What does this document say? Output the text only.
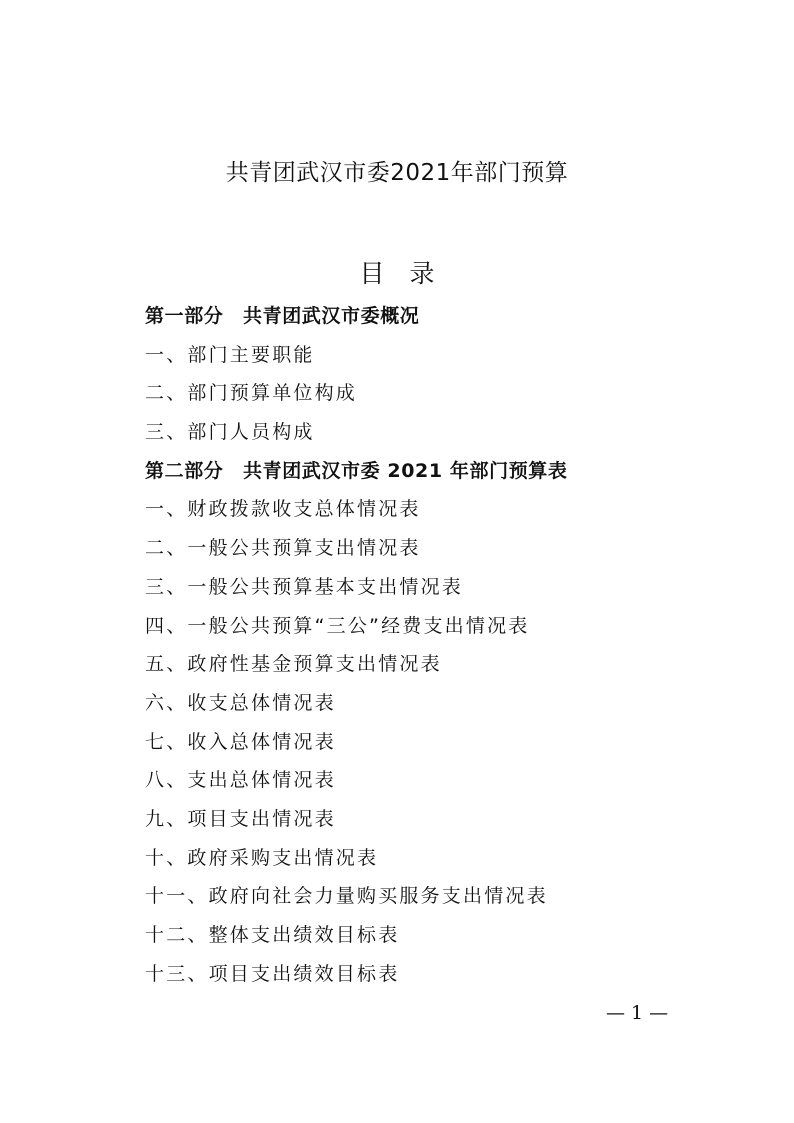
共青团武汉市委2021年部门预算
目　录
第一部分　共青团武汉市委概况
一、部门主要职能
二、部门预算单位构成
三、部门人员构成
第二部分　共青团武汉市委 2021 年部门预算表
一、财政拨款收支总体情况表
二、一般公共预算支出情况表
三、一般公共预算基本支出情况表
四、一般公共预算“三公”经费支出情况表
五、政府性基金预算支出情况表
六、收支总体情况表
七、收入总体情况表
八、支出总体情况表
九、项目支出情况表
十、政府采购支出情况表
十一、政府向社会力量购买服务支出情况表
十二、整体支出绩效目标表
十三、项目支出绩效目标表
— 1 —
